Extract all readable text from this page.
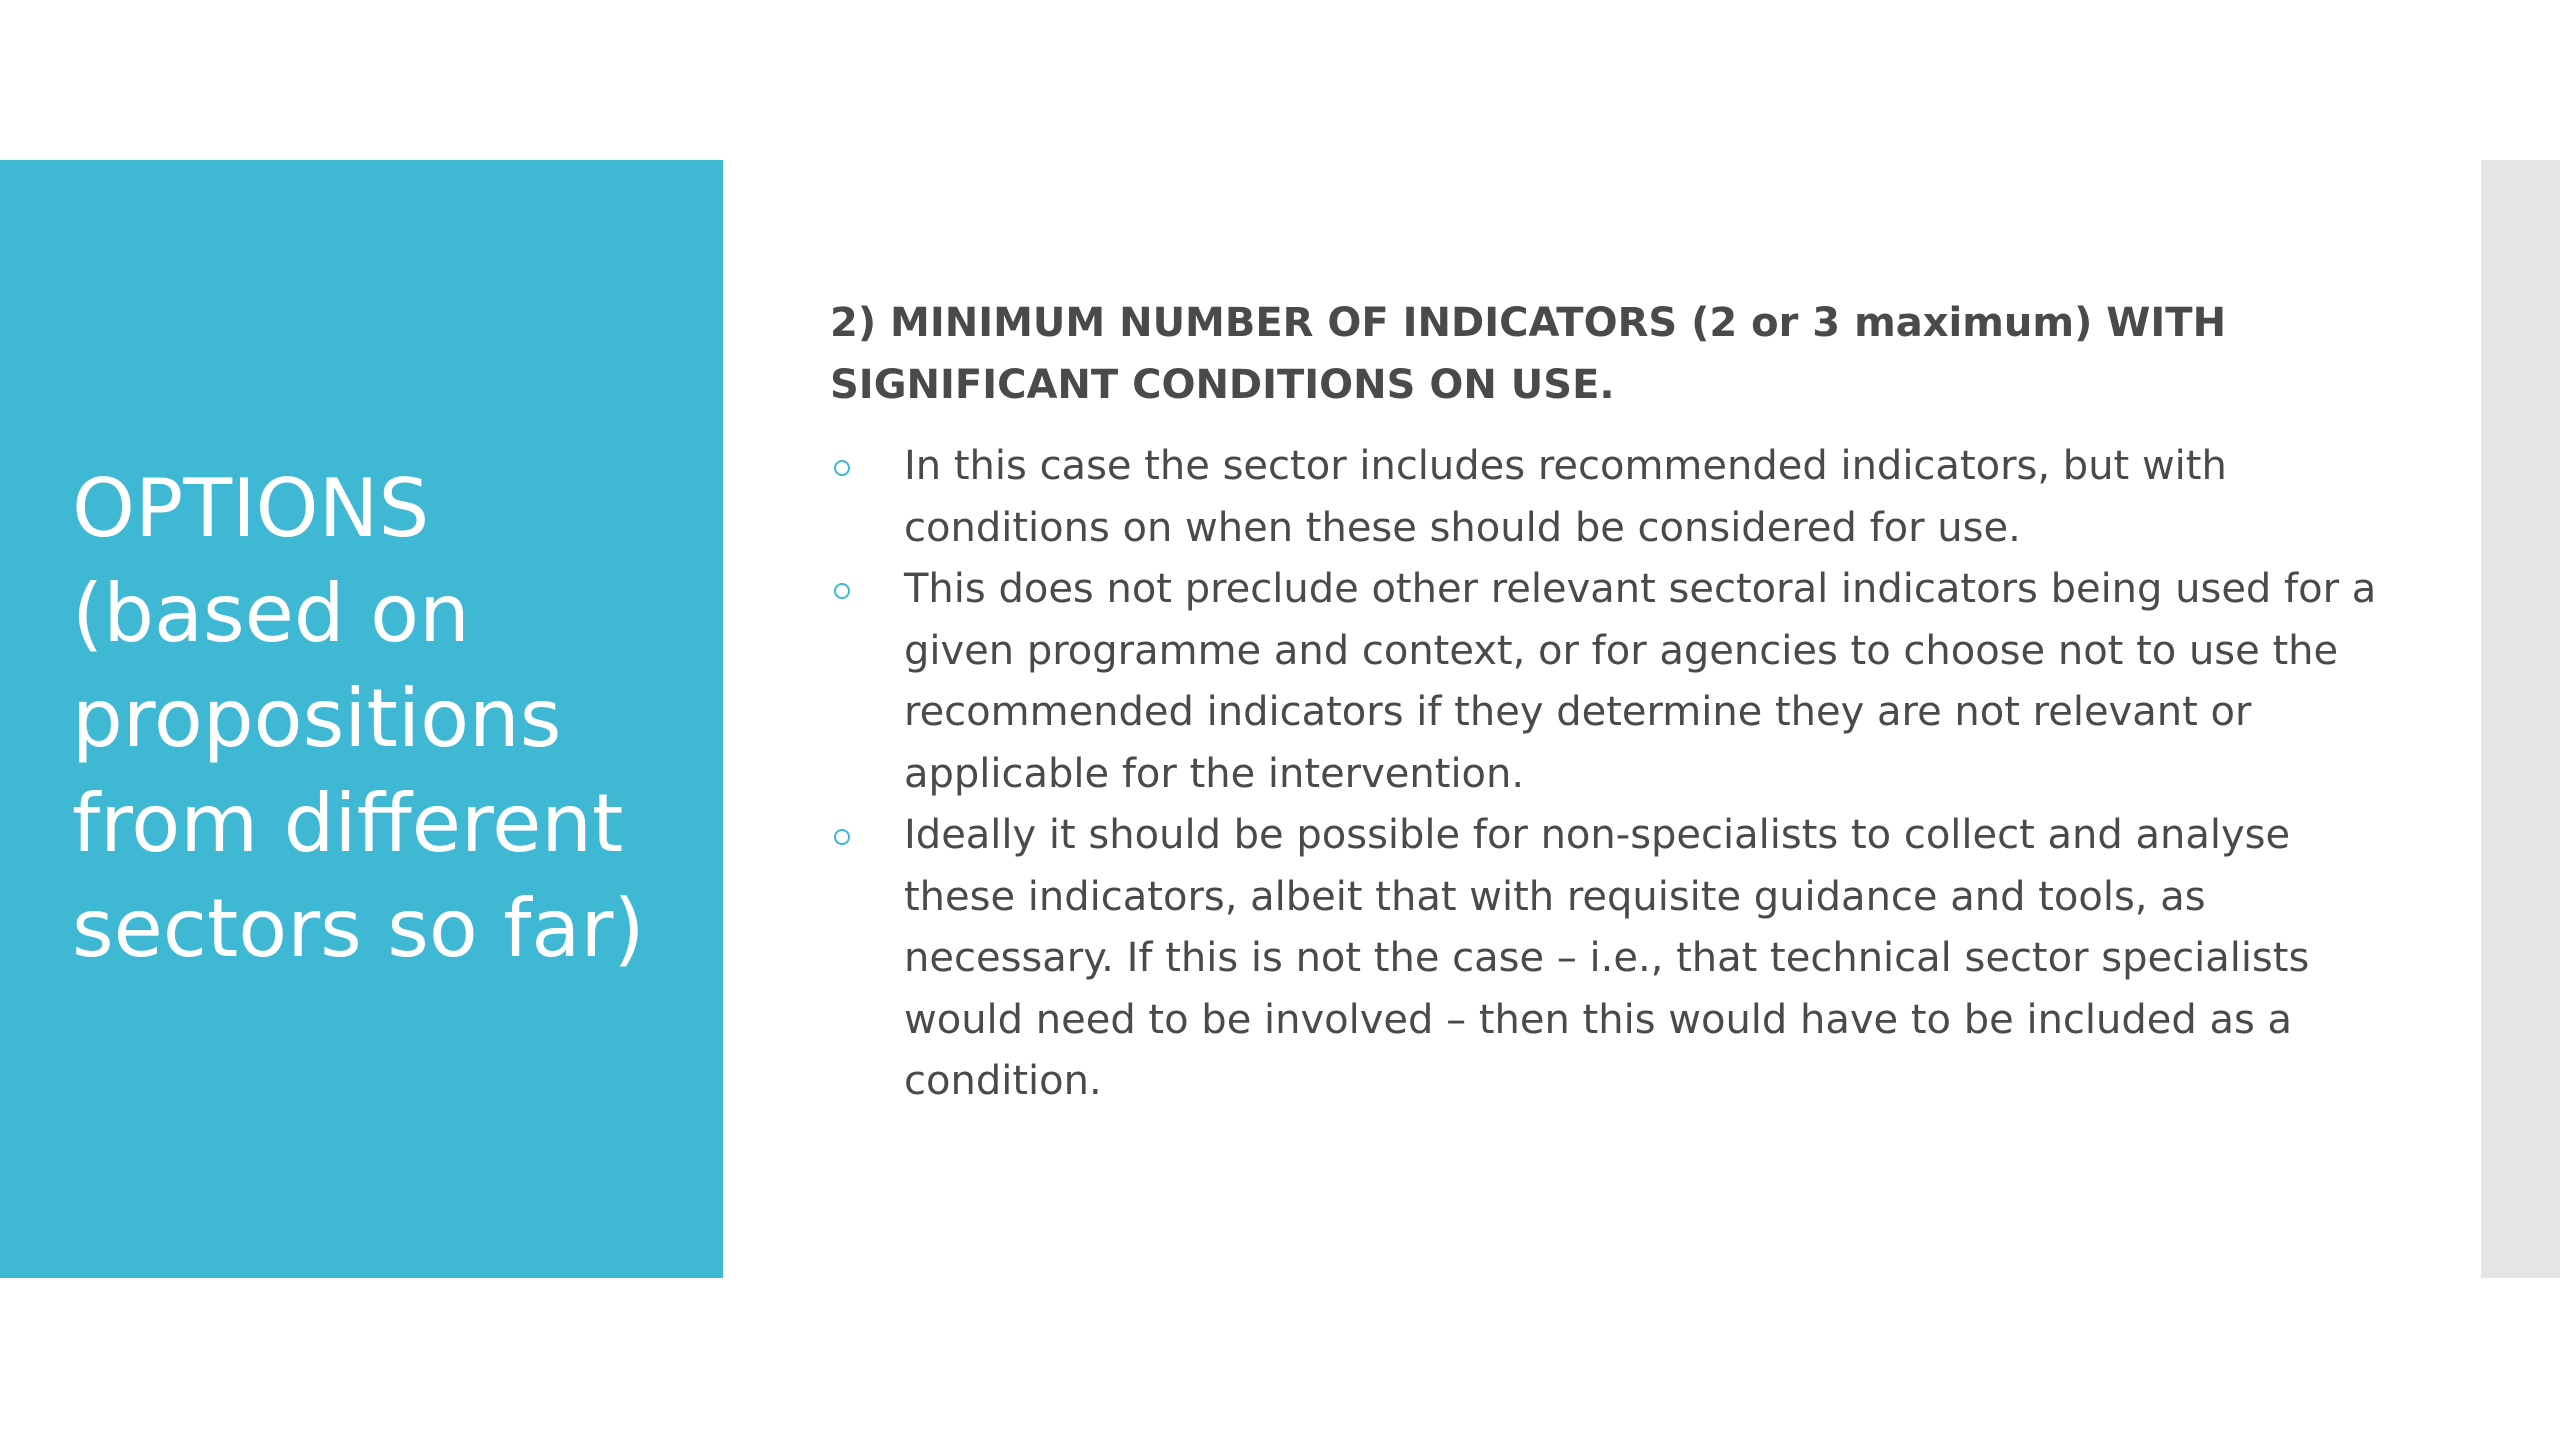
OPTIONS
(based on
propositions
from different
sectors so far)

2) MINIMUM NUMBER OF INDICATORS (2 or 3 maximum) WITH
SIGNIFICANT CONDITIONS ON USE.

In this case the sector includes recommended indicators, but with
conditions on when these should be considered for use.
This does not preclude other relevant sectoral indicators being used for a
given programme and context, or for agencies to choose not to use the
recommended indicators if they determine they are not relevant or
applicable for the intervention.
Ideally it should be possible for non-specialists to collect and analyse
these indicators, albeit that with requisite guidance and tools, as
necessary. If this is not the case – i.e., that technical sector specialists
would need to be involved – then this would have to be included as a
condition.
